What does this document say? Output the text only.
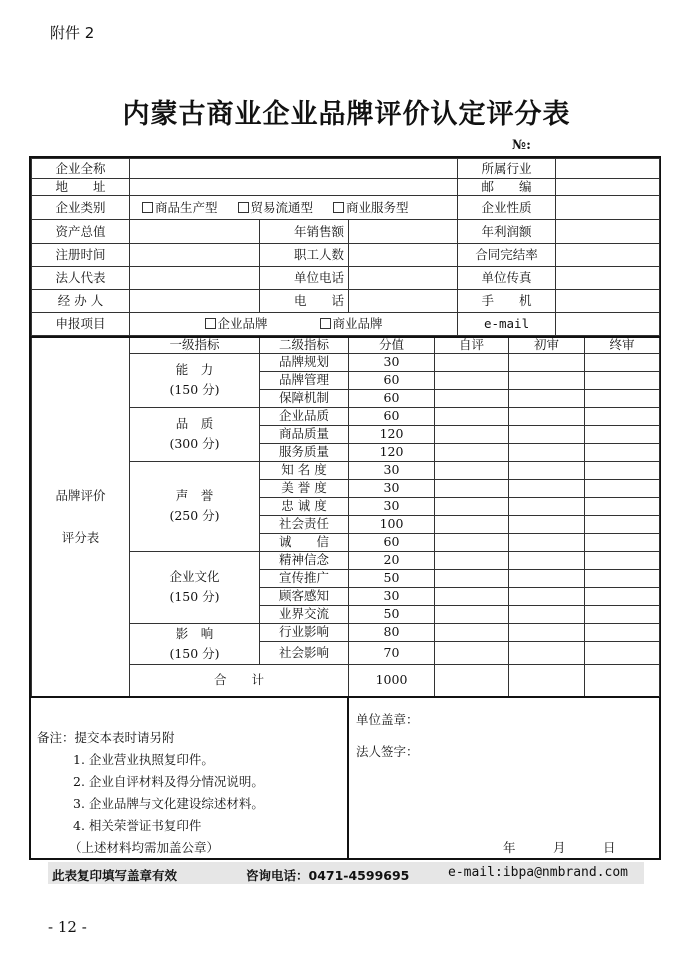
附件 2
内蒙古商业企业品牌评价认定评分表
№:
企业全称				所属行业	
地　　址				邮　　编	
企业类别	商品生产型 贸易流通型 商业服务型			企业性质	
资产总值		年销售额		年利润额	
注册时间		职工人数		合同完结率	
法人代表		单位电话		单位传真	
经 办 人		电　　话		手　　机	
申报项目	企业品牌 商业品牌			e-mail	
品牌评价
评分表	一级指标	二级指标	分值	自评	初审	终审

	能　力
(150 分)	品牌规划	30			
		品牌管理	60			
		保障机制	60			

	品　质
(300 分)	企业品质	60			
		商品质量	120			
		服务质量	120			

	声　誉
(250 分)	知 名 度	30			
		美 誉 度	30			
		忠 诚 度	30			
		社会责任	100			
		诚　　信	60			

	企业文化
(150 分)	精神信念	20			
		宣传推广	50			
		顾客感知	30			
		业界交流	50			

	影　响
(150 分)	行业影响	80			
		社会影响	70			
	合　　计		1000			
备注：提交本表时请另附
1. 企业营业执照复印件。
2. 企业自评材料及得分情况说明。
3. 企业品牌与文化建设综述材料。
4. 相关荣誉证书复印件
（上述材料均需加盖公章）
单位盖章：
法人签字：
年　　　月　　　日
此表复印填写盖章有效	咨询电话：0471-4599695	e-mail:ibpa@nmbrand.com
- 12 -
